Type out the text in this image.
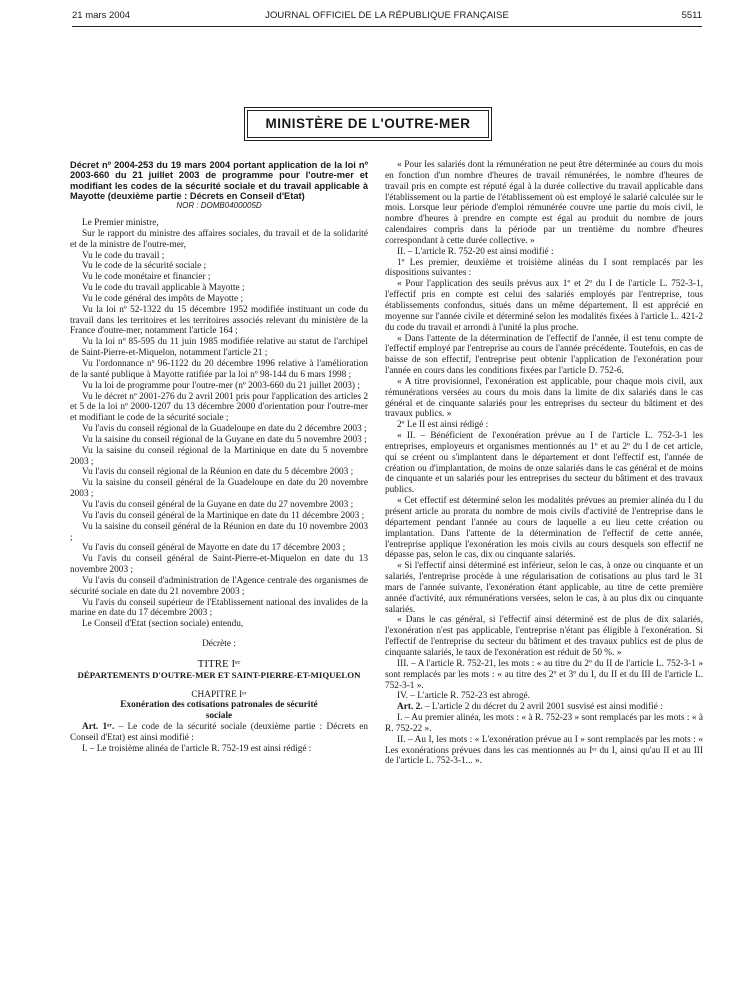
21 mars 2004	JOURNAL OFFICIEL DE LA RÉPUBLIQUE FRANÇAISE	5511
MINISTÈRE DE L'OUTRE-MER

Décret nº 2004-253 du 19 mars 2004 portant application de la loi nº 2003-660 du 21 juillet 2003 de programme pour l'outre-mer et modifiant les codes de la sécurité sociale et du travail applicable à Mayotte (deuxième partie : Décrets en Conseil d'Etat)

NOR : DOMB0400005D

Le Premier ministre,

Sur le rapport du ministre des affaires sociales, du travail et de la solidarité et de la ministre de l'outre-mer,

Vu le code du travail ;

Vu le code de la sécurité sociale ;

Vu le code monétaire et financier ;

Vu le code du travail applicable à Mayotte ;

Vu le code général des impôts de Mayotte ;

Vu la loi nº 52-1322 du 15 décembre 1952 modifiée instituant un code du travail dans les territoires et les territoires associés relevant du ministère de la France d'outre-mer, notamment l'article 164 ;

Vu la loi nº 85-595 du 11 juin 1985 modifiée relative au statut de l'archipel de Saint-Pierre-et-Miquelon, notamment l'article 21 ;

Vu l'ordonnance nº 96-1122 du 20 décembre 1996 relative à l'amélioration de la santé publique à Mayotte ratifiée par la loi nº 98-144 du 6 mars 1998 ;

Vu la loi de programme pour l'outre-mer (nº 2003-660 du 21 juillet 2003) ;

Vu le décret nº 2001-276 du 2 avril 2001 pris pour l'application des articles 2 et 5 de la loi nº 2000-1207 du 13 décembre 2000 d'orientation pour l'outre-mer et modifiant le code de la sécurité sociale ;

Vu l'avis du conseil régional de la Guadeloupe en date du 2 décembre 2003 ;

Vu la saisine du conseil régional de la Guyane en date du 5 novembre 2003 ;

Vu la saisine du conseil régional de la Martinique en date du 5 novembre 2003 ;

Vu l'avis du conseil régional de la Réunion en date du 5 décembre 2003 ;

Vu la saisine du conseil général de la Guadeloupe en date du 20 novembre 2003 ;

Vu l'avis du conseil général de la Guyane en date du 27 novembre 2003 ;

Vu l'avis du conseil général de la Martinique en date du 11 décembre 2003 ;

Vu la saisine du conseil général de la Réunion en date du 10 novembre 2003 ;

Vu l'avis du conseil général de Mayotte en date du 17 décembre 2003 ;

Vu l'avis du conseil général de Saint-Pierre-et-Miquelon en date du 13 novembre 2003 ;

Vu l'avis du conseil d'administration de l'Agence centrale des organismes de sécurité sociale en date du 21 novembre 2003 ;

Vu l'avis du conseil supérieur de l'Etablissement national des invalides de la marine en date du 17 décembre 2003 ;

Le Conseil d'Etat (section sociale) entendu,

Décrète :

TITRE Iᵉʳ

DÉPARTEMENTS D'OUTRE-MER ET SAINT-PIERRE-ET-MIQUELON

CHAPITRE Iᵉʳ

Exonération des cotisations patronales de sécurité sociale

Art. 1ᵉʳ. – Le code de la sécurité sociale (deuxième partie : Décrets en Conseil d'Etat) est ainsi modifié :

I. – Le troisième alinéa de l'article R. 752-19 est ainsi rédigé :

« Pour les salariés dont la rémunération ne peut être déterminée au cours du mois en fonction d'un nombre d'heures de travail rémunérées, le nombre d'heures de travail pris en compte est réputé égal à la durée collective du travail applicable dans l'établissement ou la partie de l'établissement où est employé le salarié calculée sur le mois. Lorsque leur période d'emploi rémunérée couvre une partie du mois civil, le nombre d'heures à prendre en compte est égal au produit du nombre de jours calendaires compris dans la période par un trentième du nombre d'heures correspondant à cette durée collective. »

II. – L'article R. 752-20 est ainsi modifié :

1º Les premier, deuxième et troisième alinéas du I sont remplacés par les dispositions suivantes :

« Pour l'application des seuils prévus aux 1º et 2º du I de l'article L. 752-3-1, l'effectif pris en compte est celui des salariés employés par l'entreprise, tous établissements confondus, situés dans un même département. Il est apprécié en moyenne sur l'année civile et déterminé selon les modalités fixées à l'article L. 421-2 du code du travail et arrondi à l'unité la plus proche.

« Dans l'attente de la détermination de l'effectif de l'année, il est tenu compte de l'effectif employé par l'entreprise au cours de l'année précédente. Toutefois, en cas de baisse de son effectif, l'entreprise peut obtenir l'application de l'exonération pour l'année en cours dans les conditions fixées par l'article D. 752-6.

« A titre provisionnel, l'exonération est applicable, pour chaque mois civil, aux rémunérations versées au cours du mois dans la limite de dix salariés dans le cas général et de cinquante salariés pour les entreprises du secteur du bâtiment et des travaux publics. »

2º Le II est ainsi rédigé :

« II. – Bénéficient de l'exonération prévue au I de l'article L. 752-3-1 les entreprises, employeurs et organismes mentionnés au 1º et au 2º du I de cet article, qui se créent ou s'implantent dans le département et dont l'effectif est, l'année de création ou d'implantation, de moins de onze salariés dans le cas général et de moins de cinquante et un salariés pour les entreprises du secteur du bâtiment et des travaux publics.

« Cet effectif est déterminé selon les modalités prévues au premier alinéa du I du présent article au prorata du nombre de mois civils d'activité de l'entreprise dans le département pendant l'année au cours de laquelle a eu lieu cette création ou implantation. Dans l'attente de la détermination de l'effectif de cette année, l'entreprise applique l'exonération les mois civils au cours desquels son effectif ne dépasse pas, selon le cas, dix ou cinquante salariés.

« Si l'effectif ainsi déterminé est inférieur, selon le cas, à onze ou cinquante et un salariés, l'entreprise procède à une régularisation de cotisations au plus tard le 31 mars de l'année suivante, l'exonération étant applicable, au titre de cette première année d'activité, aux rémunérations versées, selon le cas, à au plus dix ou cinquante salariés.

« Dans le cas général, si l'effectif ainsi déterminé est de plus de dix salariés, l'exonération n'est pas applicable, l'entreprise n'étant pas éligible à l'exonération. Si l'effectif de l'entreprise du secteur du bâtiment et des travaux publics est de plus de cinquante salariés, le taux de l'exonération est réduit de 50 %. »

III. – A l'article R. 752-21, les mots : « au titre du 2º du II de l'article L. 752-3-1 » sont remplacés par les mots : « au titre des 2º et 3º du I, du II et du III de l'article L. 752-3-1 ».

IV. – L'article R. 752-23 est abrogé.

Art. 2. – L'article 2 du décret du 2 avril 2001 susvisé est ainsi modifié :

I. – Au premier alinéa, les mots : « à R. 752-23 » sont remplacés par les mots : « à R. 752-22 ».

II. – Au I, les mots : « L'exonération prévue au I » sont remplacés par les mots : « Les exonérations prévues dans les cas mentionnés au Iᵉʳ du I, ainsi qu'au II et au III de l'article L. 752-3-1... ».
